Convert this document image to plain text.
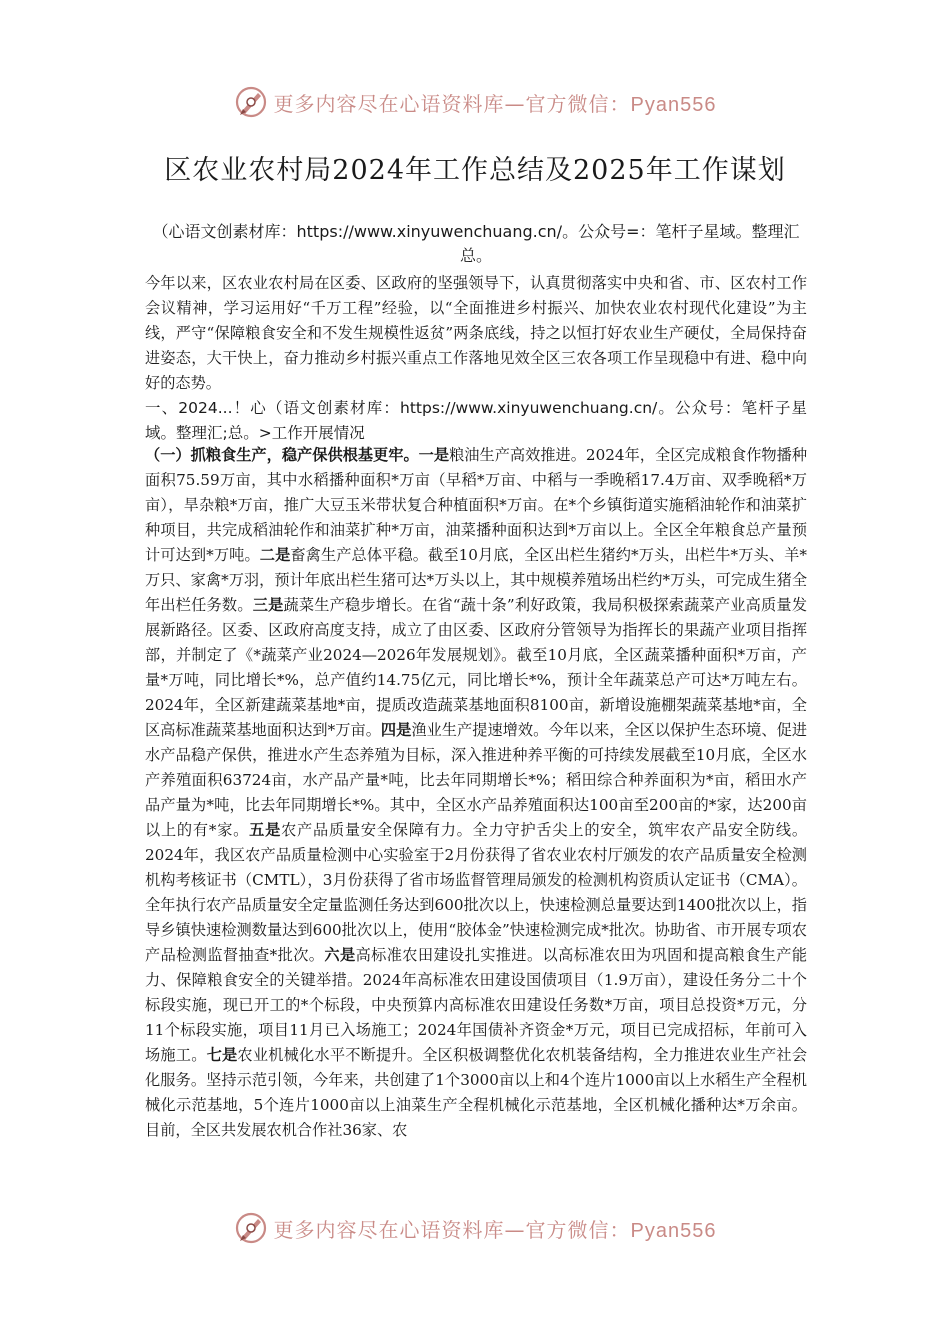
更多内容尽在心语资料库—官方微信：Pyan556
区农业农村局2024年工作总结及2025年工作谋划
（心语文创素材库：https://www.xinyuwenchuang.cn/。公众号=：笔杆子星域。整理汇总。
今年以来，区农业农村局在区委、区政府的坚强领导下，认真贯彻落实中央和省、市、区农村工作会议精神，学习运用好“千万工程”经验，以“全面推进乡村振兴、加快农业农村现代化建设”为主线，严守“保障粮食安全和不发生规模性返贫”两条底线，持之以恒打好农业生产硬仗，全局保持奋进姿态，大干快上，奋力推动乡村振兴重点工作落地见效全区三农各项工作呈现稳中有进、稳中向好的态势。
一、2024...！心（语文创素材库：https://www.xinyuwenchuang.cn/。公众号：笔杆子星域。整理汇;总。>工作开展情况
（一）抓粮食生产，稳产保供根基更牢。一是粮油生产高效推进。2024年，全区完成粮食作物播种面积75.59万亩，其中水稻播种面积*万亩（早稻*万亩、中稻与一季晚稻17.4万亩、双季晚稻*万亩），旱杂粮*万亩，推广大豆玉米带状复合种植面积*万亩。在*个乡镇街道实施稻油轮作和油菜扩种项目，共完成稻油轮作和油菜扩种*万亩，油菜播种面积达到*万亩以上。全区全年粮食总产量预计可达到*万吨。二是畜禽生产总体平稳。截至10月底，全区出栏生猪约*万头，出栏牛*万头、羊*万只、家禽*万羽，预计年底出栏生猪可达*万头以上，其中规模养殖场出栏约*万头，可完成生猪全年出栏任务数。三是蔬菜生产稳步增长。在省“蔬十条”利好政策，我局积极探索蔬菜产业高质量发展新路径。区委、区政府高度支持，成立了由区委、区政府分管领导为指挥长的果蔬产业项目指挥部，并制定了《*蔬菜产业2024—2026年发展规划》。截至10月底，全区蔬菜播种面积*万亩，产量*万吨，同比增长*%，总产值约14.75亿元，同比增长*%，预计全年蔬菜总产可达*万吨左右。2024年，全区新建蔬菜基地*亩，提质改造蔬菜基地面积8100亩，新增设施棚架蔬菜基地*亩，全区高标准蔬菜基地面积达到*万亩。四是渔业生产提速增效。今年以来，全区以保护生态环境、促进水产品稳产保供，推进水产生态养殖为目标，深入推进种养平衡的可持续发展截至10月底，全区水产养殖面积63724亩，水产品产量*吨，比去年同期增长*%；稻田综合种养面积为*亩，稻田水产品产量为*吨，比去年同期增长*%。其中，全区水产品养殖面积达100亩至200亩的*家，达200亩以上的有*家。五是农产品质量安全保障有力。全力守护舌尖上的安全，筑牢农产品安全防线。2024年，我区农产品质量检测中心实验室于2月份获得了省农业农村厅颁发的农产品质量安全检测机构考核证书（CMTL），3月份获得了省市场监督管理局颁发的检测机构资质认定证书（CMA）。全年执行农产品质量安全定量监测任务达到600批次以上，快速检测总量要达到1400批次以上，指导乡镇快速检测数量达到600批次以上，使用“胶体金”快速检测完成*批次。协助省、市开展专项农产品检测监督抽查*批次。六是高标准农田建设扎实推进。以高标准农田为巩固和提高粮食生产能力、保障粮食安全的关键举措。2024年高标准农田建设国债项目（1.9万亩），建设任务分二十个标段实施，现已开工的*个标段，中央预算内高标准农田建设任务数*万亩，项目总投资*万元，分11个标段实施，项目11月已入场施工；2024年国债补齐资金*万元，项目已完成招标，年前可入场施工。七是农业机械化水平不断提升。全区积极调整优化农机装备结构，全力推进农业生产社会化服务。坚持示范引领，今年来，共创建了1个3000亩以上和4个连片1000亩以上水稻生产全程机械化示范基地，5个连片1000亩以上油菜生产全程机械化示范基地，全区机械化播种达*万余亩。目前，全区共发展农机合作社36家、农
更多内容尽在心语资料库—官方微信：Pyan556
